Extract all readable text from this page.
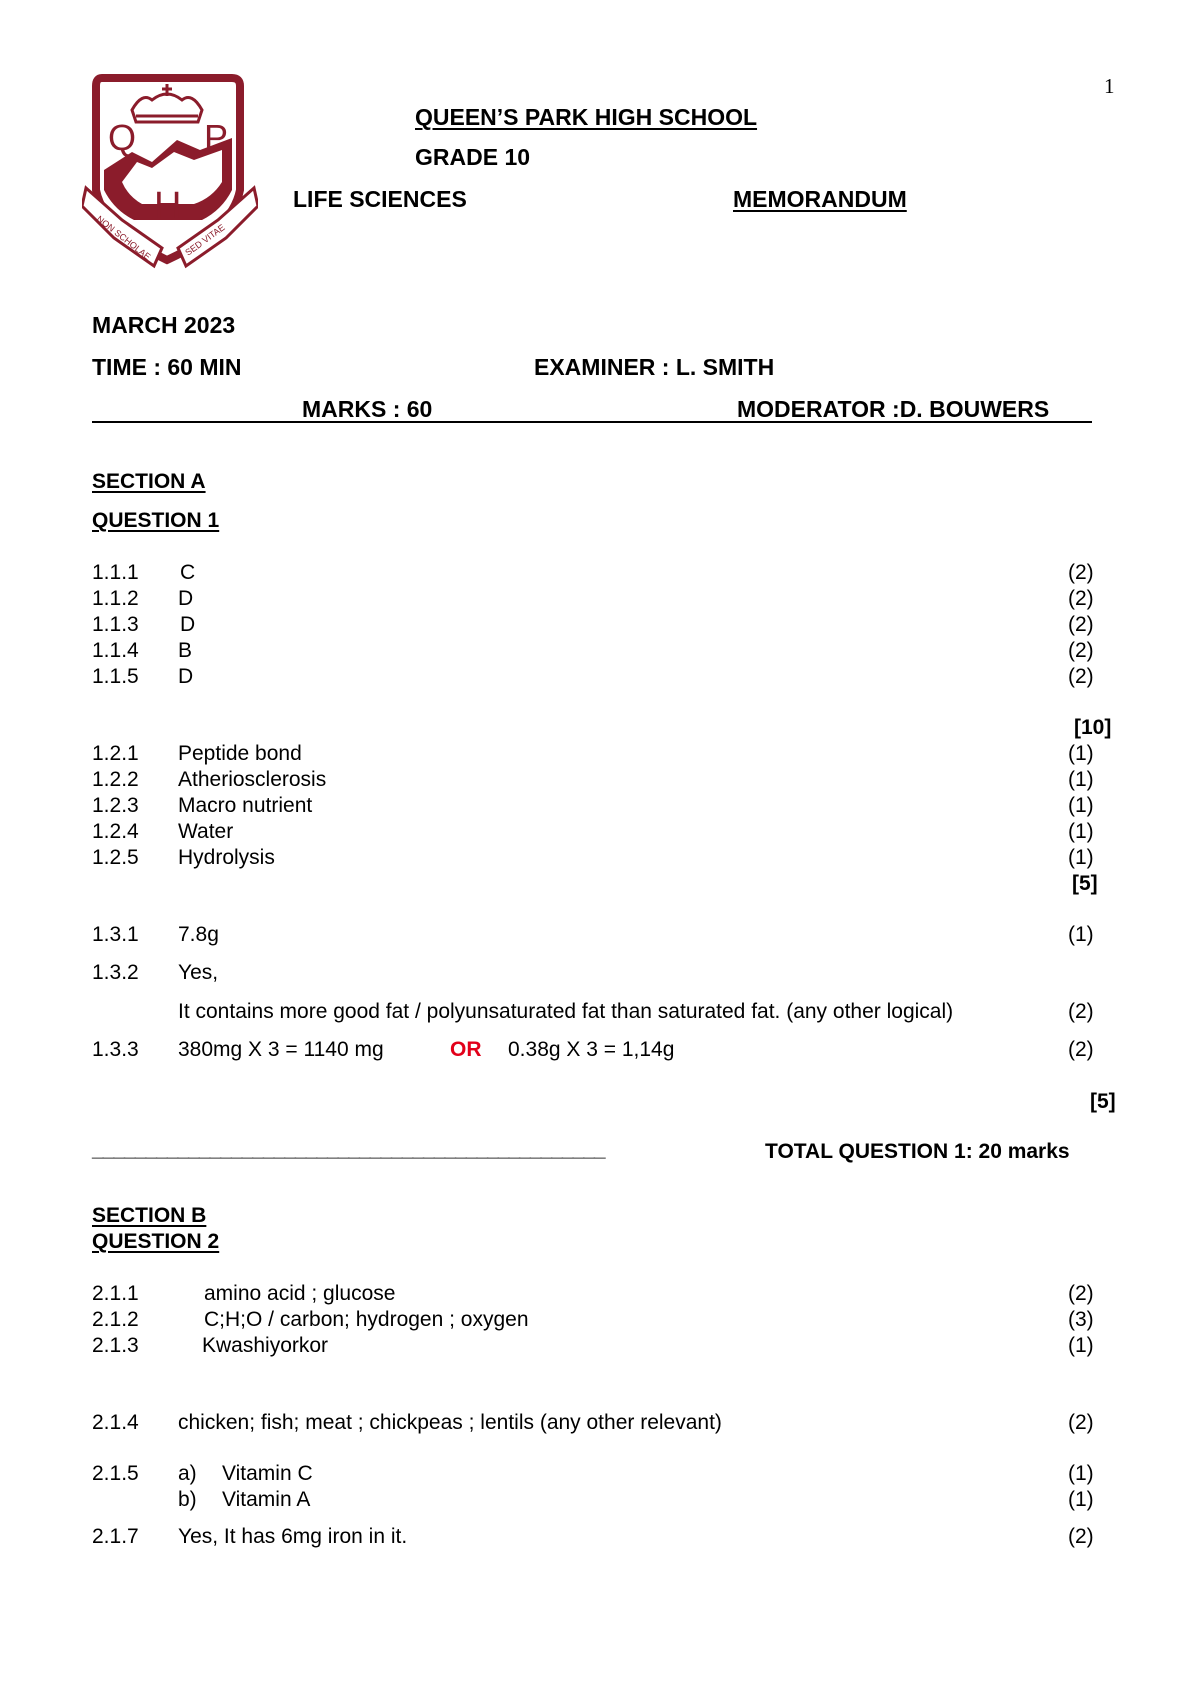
1
Q P
H
NON SCHOLAE	SED VITAE
QUEEN’S PARK HIGH SCHOOL
GRADE 10
LIFE SCIENCES	MEMORANDUM
MARCH 2023
TIME : 60 MIN	EXAMINER : L. SMITH
MARKS : 60	MODERATOR :D. BOUWERS
SECTION A
QUESTION 1
1.1.1 C	(2)
1.1.2 D	(2)
1.1.3 D	(2)
1.1.4 B	(2)
1.1.5 D	(2)
[10]
1.2.1 Peptide bond	(1)
1.2.2 Atheriosclerosis	(1)
1.2.3 Macro nutrient	(1)
1.2.4 Water	(1)
1.2.5 Hydrolysis	(1)
[5]
1.3.1 7.8g	(1)
1.3.2 Yes,
It contains more good fat / polyunsaturated fat than saturated fat. (any other logical)	(2)
1.3.3 380mg X 3 = 1140 mg	OR 0.38g X 3 = 1,14g	(2)
[5]
________________________________________________	TOTAL QUESTION 1: 20 marks
SECTION B
QUESTION 2
2.1.1	amino acid ; glucose	(2)
2.1.2	C;H;O / carbon; hydrogen ; oxygen	(3)
2.1.3	Kwashiyorkor	(1)
2.1.4 chicken; fish; meat ; chickpeas ; lentils (any other relevant)	(2)
2.1.5 a) Vitamin C	(1)
b) Vitamin A	(1)
2.1.7 Yes, It has 6mg iron in it.	(2)
